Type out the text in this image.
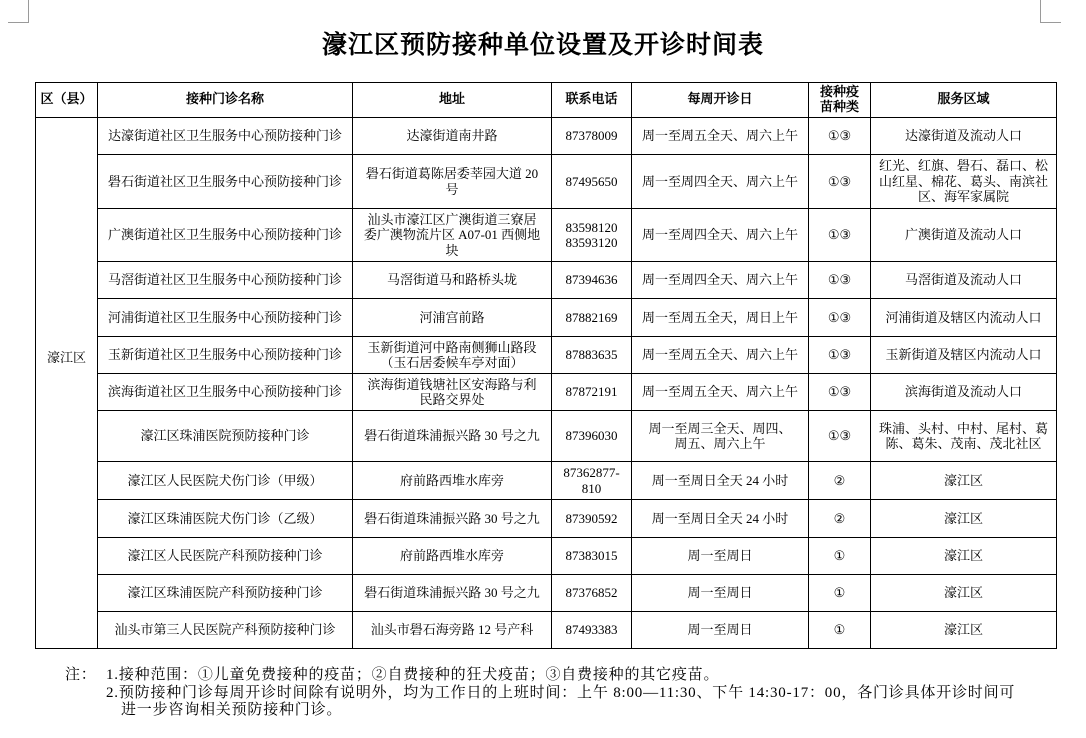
濠江区预防接种单位设置及开诊时间表
区（县）	接种门诊名称	地址	联系电话	每周开诊日	接种疫苗种类	服务区域
濠江区	达濠街道社区卫生服务中心预防接种门诊	达濠街道南井路	87378009	周一至周五全天、周六上午	①③	达濠街道及流动人口
	礐石街道社区卫生服务中心预防接种门诊	礐石街道葛陈居委莘园大道 20 号	87495650	周一至周四全天、周六上午	①③	红光、红旗、礐石、磊口、松山红星、棉花、葛头、南滨社区、海军家属院
	广澳街道社区卫生服务中心预防接种门诊	汕头市濠江区广澳街道三寮居委广澳物流片区 A07-01 西侧地块	83598120 83593120	周一至周四全天、周六上午	①③	广澳街道及流动人口
	马滘街道社区卫生服务中心预防接种门诊	马滘街道马和路桥头垅	87394636	周一至周四全天、周六上午	①③	马滘街道及流动人口
	河浦街道社区卫生服务中心预防接种门诊	河浦宫前路	87882169	周一至周五全天，周日上午	①③	河浦街道及辖区内流动人口
	玉新街道社区卫生服务中心预防接种门诊	玉新街道河中路南侧狮山路段（玉石居委候车亭对面）	87883635	周一至周五全天、周六上午	①③	玉新街道及辖区内流动人口
	滨海街道社区卫生服务中心预防接种门诊	滨海街道钱塘社区安海路与利民路交界处	87872191	周一至周五全天、周六上午	①③	滨海街道及流动人口
	濠江区珠浦医院预防接种门诊	礐石街道珠浦振兴路 30 号之九	87396030	周一至周三全天、周四、周五、周六上午	①③	珠浦、头村、中村、尾村、葛陈、葛朱、茂南、茂北社区
	濠江区人民医院犬伤门诊（甲级）	府前路西堆水库旁	87362877-810	周一至周日全天 24 小时	②	濠江区
	濠江区珠浦医院犬伤门诊（乙级）	礐石街道珠浦振兴路 30 号之九	87390592	周一至周日全天 24 小时	②	濠江区
	濠江区人民医院产科预防接种门诊	府前路西堆水库旁	87383015	周一至周日	①	濠江区
	濠江区珠浦医院产科预防接种门诊	礐石街道珠浦振兴路 30 号之九	87376852	周一至周日	①	濠江区
	汕头市第三人民医院产科预防接种门诊	汕头市礐石海旁路 12 号产科	87493383	周一至周日	①	濠江区
注： 1.接种范围：①儿童免费接种的疫苗；②自费接种的狂犬疫苗；③自费接种的其它疫苗。
2.预防接种门诊每周开诊时间除有说明外，均为工作日的上班时间：上午 8:00—11:30、下午 14:30-17：00，各门诊具体开诊时间可进一步咨询相关预防接种门诊。
